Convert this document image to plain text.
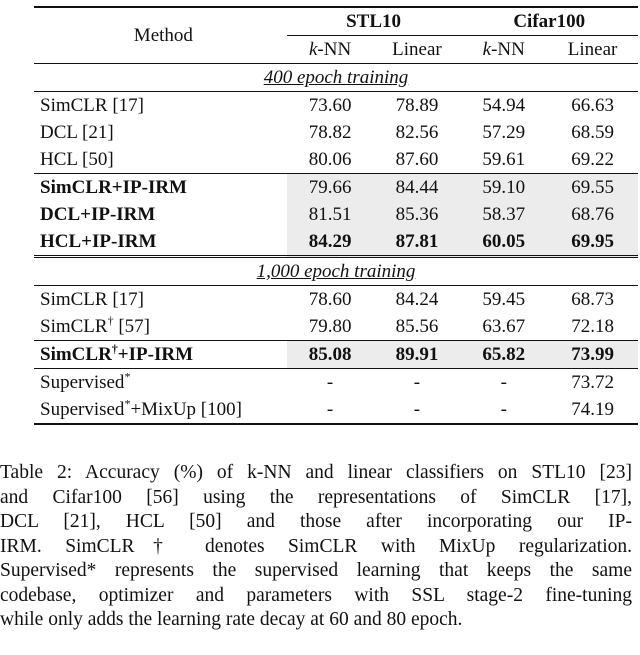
Method	STL10		Cifar100	
	k-NN	Linear	k-NN	Linear
400 epoch training				
SimCLR [17]	73.60	78.89	54.94	66.63
DCL [21]	78.82	82.56	57.29	68.59
HCL [50]	80.06	87.60	59.61	69.22
SimCLR+IP-IRM	79.66	84.44	59.10	69.55
DCL+IP-IRM	81.51	85.36	58.37	68.76
HCL+IP-IRM	84.29	87.81	60.05	69.95
1,000 epoch training				
SimCLR [17]	78.60	84.24	59.45	68.73
SimCLR† [57]	79.80	85.56	63.67	72.18
SimCLR†+IP-IRM	85.08	89.91	65.82	73.99
Supervised*	-	-	-	73.72
Supervised*+MixUp [100]	-	-	-	74.19
Table 2: Accuracy (%) of k-NN and linear classifiers on STL10 [23]
and Cifar100 [56] using the representations of SimCLR [17],
DCL [21], HCL [50] and those after incorporating our IP-
IRM. SimCLR† denotes SimCLR with MixUp regularization.
Supervised* represents the supervised learning that keeps the same
codebase, optimizer and parameters with SSL stage-2 fine-tuning
while only adds the learning rate decay at 60 and 80 epoch.
